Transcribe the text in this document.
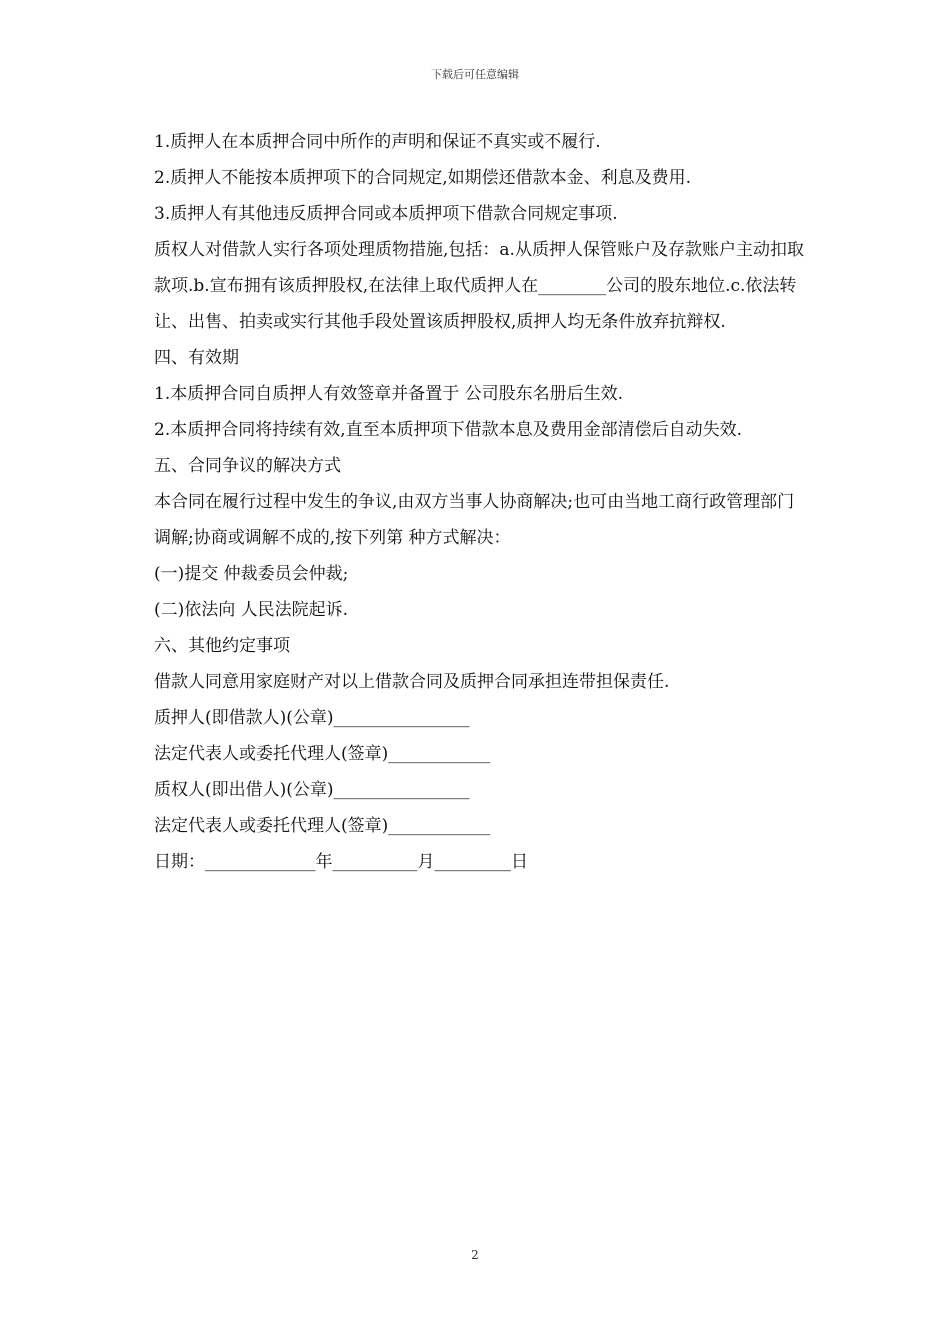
下载后可任意编辑

1.质押人在本质押合同中所作的声明和保证不真实或不履行.

2.质押人不能按本质押项下的合同规定,如期偿还借款本金、利息及费用.

3.质押人有其他违反质押合同或本质押项下借款合同规定事项.

质权人对借款人实行各项处理质物措施,包括：a.从质押人保管账户及存款账户主动扣取款项.b.宣布拥有该质押股权,在法律上取代质押人在________公司的股东地位.c.依法转让、出售、拍卖或实行其他手段处置该质押股权,质押人均无条件放弃抗辩权.

四、有效期

1.本质押合同自质押人有效签章并备置于 公司股东名册后生效.

2.本质押合同将持续有效,直至本质押项下借款本息及费用金部清偿后自动失效.

五、合同争议的解决方式

本合同在履行过程中发生的争议,由双方当事人协商解决;也可由当地工商行政管理部门调解;协商或调解不成的,按下列第 种方式解决：

(一)提交 仲裁委员会仲裁;

(二)依法向 人民法院起诉.

六、其他约定事项

借款人同意用家庭财产对以上借款合同及质押合同承担连带担保责任.

质押人(即借款人)(公章)________________

法定代表人或委托代理人(签章)____________

质权人(即出借人)(公章)________________

法定代表人或委托代理人(签章)____________

日期：_____________年__________月_________日

2
